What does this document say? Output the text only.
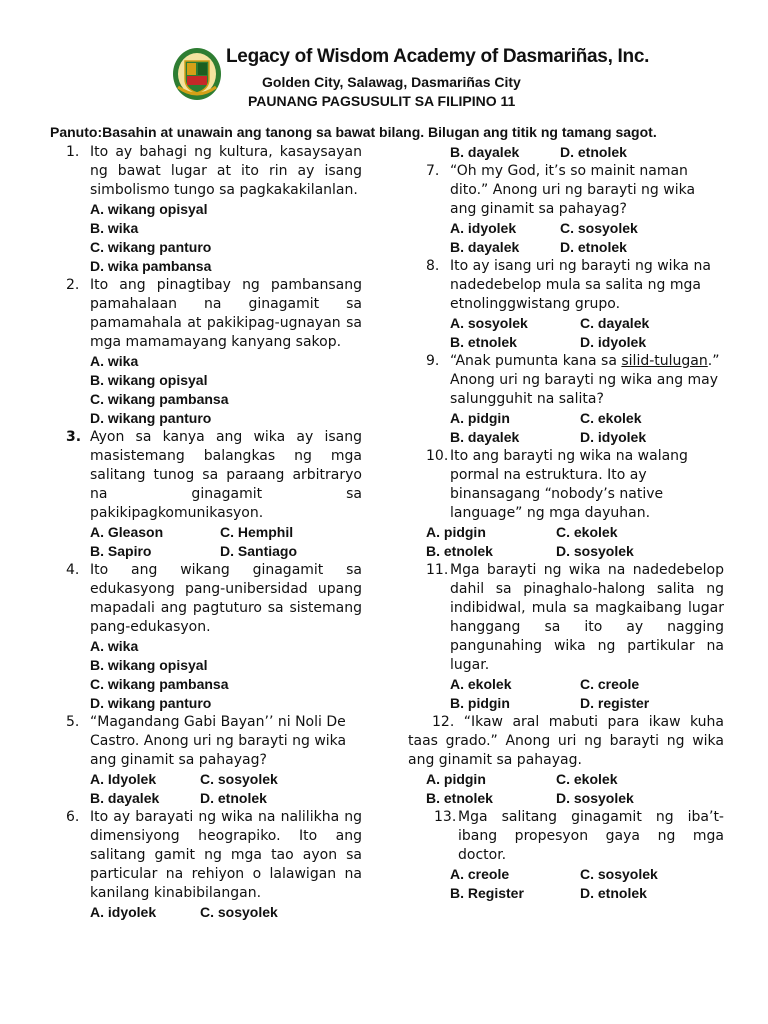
Legacy of Wisdom Academy of Dasmariñas, Inc.
Golden City, Salawag, Dasmariñas City
PAUNANG PAGSUSULIT SA FILIPINO 11
Panuto:Basahin at unawain ang tanong sa bawat bilang. Bilugan ang titik ng tamang sagot.
1. Ito ay bahagi ng kultura, kasaysayan ng bawat lugar at ito rin ay isang simbolismo tungo sa pagkakakilanlan.
A. wikang opisyal
B. wika
C. wikang panturo
D. wika pambansa
2. Ito ang pinagtibay ng pambansang pamahalaan na ginagamit sa pamamahala at pakikipag-ugnayan sa mga mamamayang kanyang sakop.
A. wika
B. wikang opisyal
C. wikang pambansa
D. wikang panturo
3. Ayon sa kanya ang wika ay isang masistemang balangkas ng mga salitang tunog sa paraang arbitraryo na ginagamit sa pakikipagkomunikasyon.
A. Gleason	C. Hemphil
B. Sapiro	D. Santiago
4. Ito ang wikang ginagamit sa edukasyong pang-unibersidad upang mapadali ang pagtuturo sa sistemang pang-edukasyon.
A. wika
B. wikang opisyal
C. wikang pambansa
D. wikang panturo
5. “Magandang Gabi Bayan’’ ni Noli De Castro. Anong uri ng barayti ng wika ang ginamit sa pahayag?
A. Idyolek	C. sosyolek
B. dayalek	D. etnolek
6. Ito ay barayati ng wika na nalilikha ng dimensiyong heograpiko. Ito ang salitang gamit ng mga tao ayon sa particular na rehiyon o lalawigan na kanilang kinabibilangan.
A. idyolek	C. sosyolek
B. dayalek	D. etnolek
7. “Oh my God, it’s so mainit naman dito.” Anong uri ng barayti ng wika ang ginamit sa pahayag?
A. idyolek	C. sosyolek
B. dayalek	D. etnolek
8. Ito ay isang uri ng barayti ng wika na nadedebelop mula sa salita ng mga etnolinggwistang grupo.
A. sosyolek	C. dayalek
B. etnolek	D. idyolek
9. “Anak pumunta kana sa silid-tulugan.” Anong uri ng barayti ng wika ang may salungguhit na salita?
A. pidgin	C. ekolek
B. dayalek	D. idyolek
10. Ito ang barayti ng wika na walang pormal na estruktura. Ito ay binansagang “nobody’s native language” ng mga dayuhan.
A. pidgin	C. ekolek
B. etnolek	D. sosyolek
11. Mga barayti ng wika na nadedebelop dahil sa pinaghalo-halong salita ng indibidwal, mula sa magkaibang lugar hanggang sa ito ay nagging pangunahing wika ng partikular na lugar.
A. ekolek	C. creole
B. pidgin	D. register
12. “Ikaw aral mabuti para ikaw kuha taas grado.” Anong uri ng barayti ng wika ang ginamit sa pahayag.
A. pidgin	C. ekolek
B. etnolek	D. sosyolek
13. Mga salitang ginagamit ng iba’t-ibang propesyon gaya ng mga doctor.
A. creole	C. sosyolek
B. Register	D. etnolek
